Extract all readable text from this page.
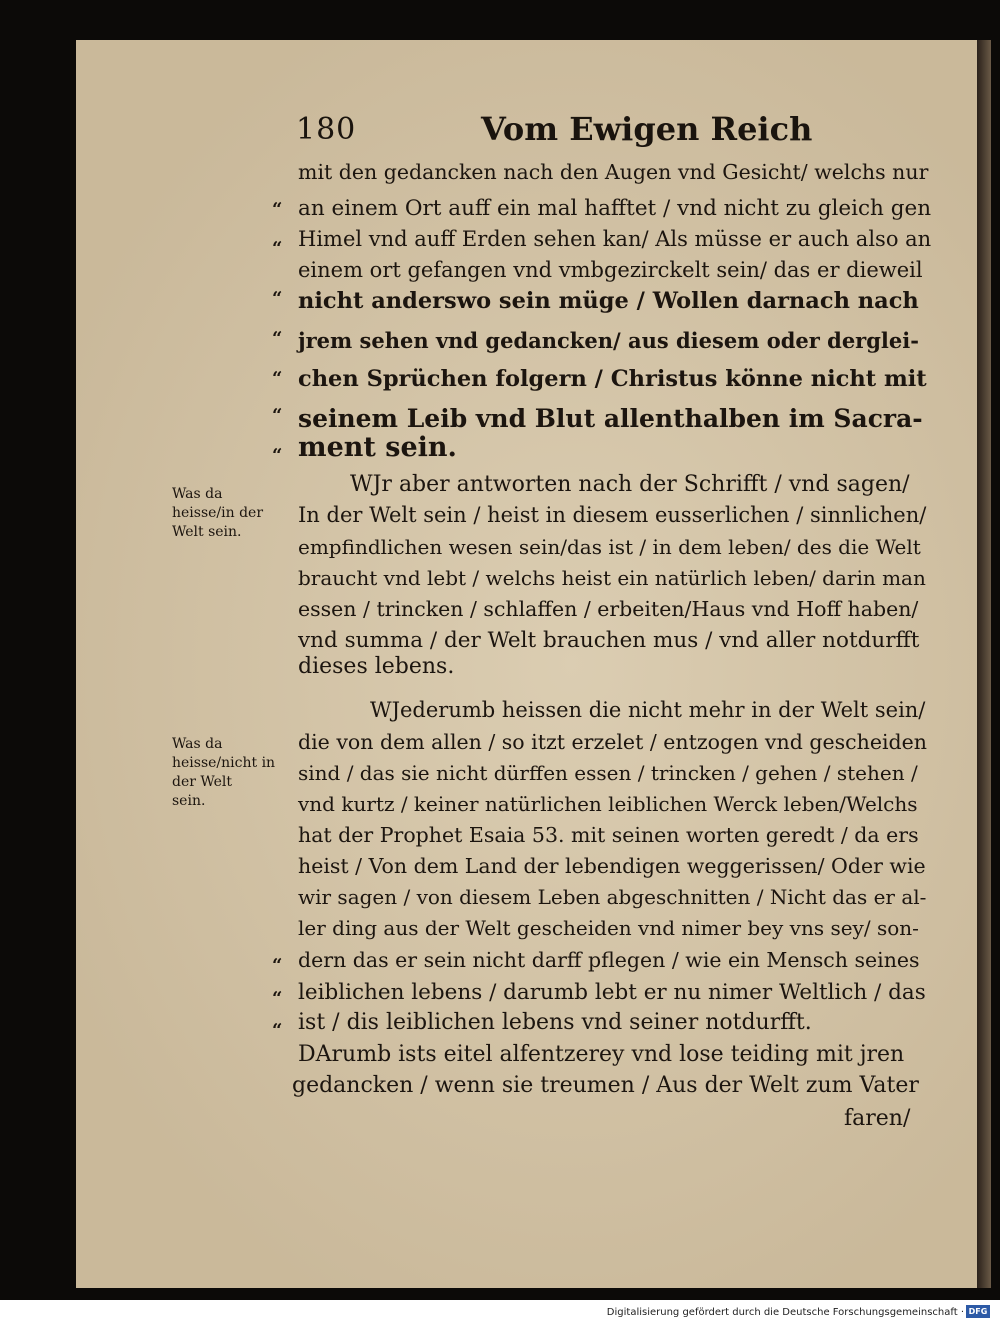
180	Vom Ewigen Reich
“
“
“
“
“
“
“
“
“
“
Was da
heisse/in der
Welt sein.
Was da
heisse/nicht in
der Welt
sein.
mit den gedancken nach den Augen vnd Gesicht/ welchs nur
an einem Ort auff ein mal hafftet / vnd nicht zu gleich gen
Himel vnd auff Erden sehen kan/ Als müsse er auch also an
einem ort gefangen vnd vmbgezirckelt sein/ das er dieweil
nicht anderswo sein müge / Wollen darnach nach
jrem sehen vnd gedancken/ aus diesem oder derglei-
chen Sprüchen folgern / Christus könne nicht mit
seinem Leib vnd Blut allenthalben im Sacra-
ment sein.
WJr aber antworten nach der Schrifft / vnd sagen/
In der Welt sein / heist in diesem eusserlichen / sinnlichen/
empfindlichen wesen sein/das ist / in dem leben/ des die Welt
braucht vnd lebt / welchs heist ein natürlich leben/ darin man
essen / trincken / schlaffen / erbeiten/Haus vnd Hoff haben/
vnd summa / der Welt brauchen mus / vnd aller notdurfft
dieses lebens.
WJederumb heissen die nicht mehr in der Welt sein/
die von dem allen / so itzt erzelet / entzogen vnd gescheiden
sind / das sie nicht dürffen essen / trincken / gehen / stehen /
vnd kurtz / keiner natürlichen leiblichen Werck leben/Welchs
hat der Prophet Esaia 53. mit seinen worten geredt / da ers
heist / Von dem Land der lebendigen weggerissen/ Oder wie
wir sagen / von diesem Leben abgeschnitten / Nicht das er al-
ler ding aus der Welt gescheiden vnd nimer bey vns sey/ son-
dern das er sein nicht darff pflegen / wie ein Mensch seines
leiblichen lebens / darumb lebt er nu nimer Weltlich / das
ist / dis leiblichen lebens vnd seiner notdurfft.
DArumb ists eitel alfentzerey vnd lose teiding mit jren
gedancken / wenn sie treumen / Aus der Welt zum Vater
faren/
Digitalisierung gefördert durch die Deutsche Forschungsgemeinschaft · DFG
